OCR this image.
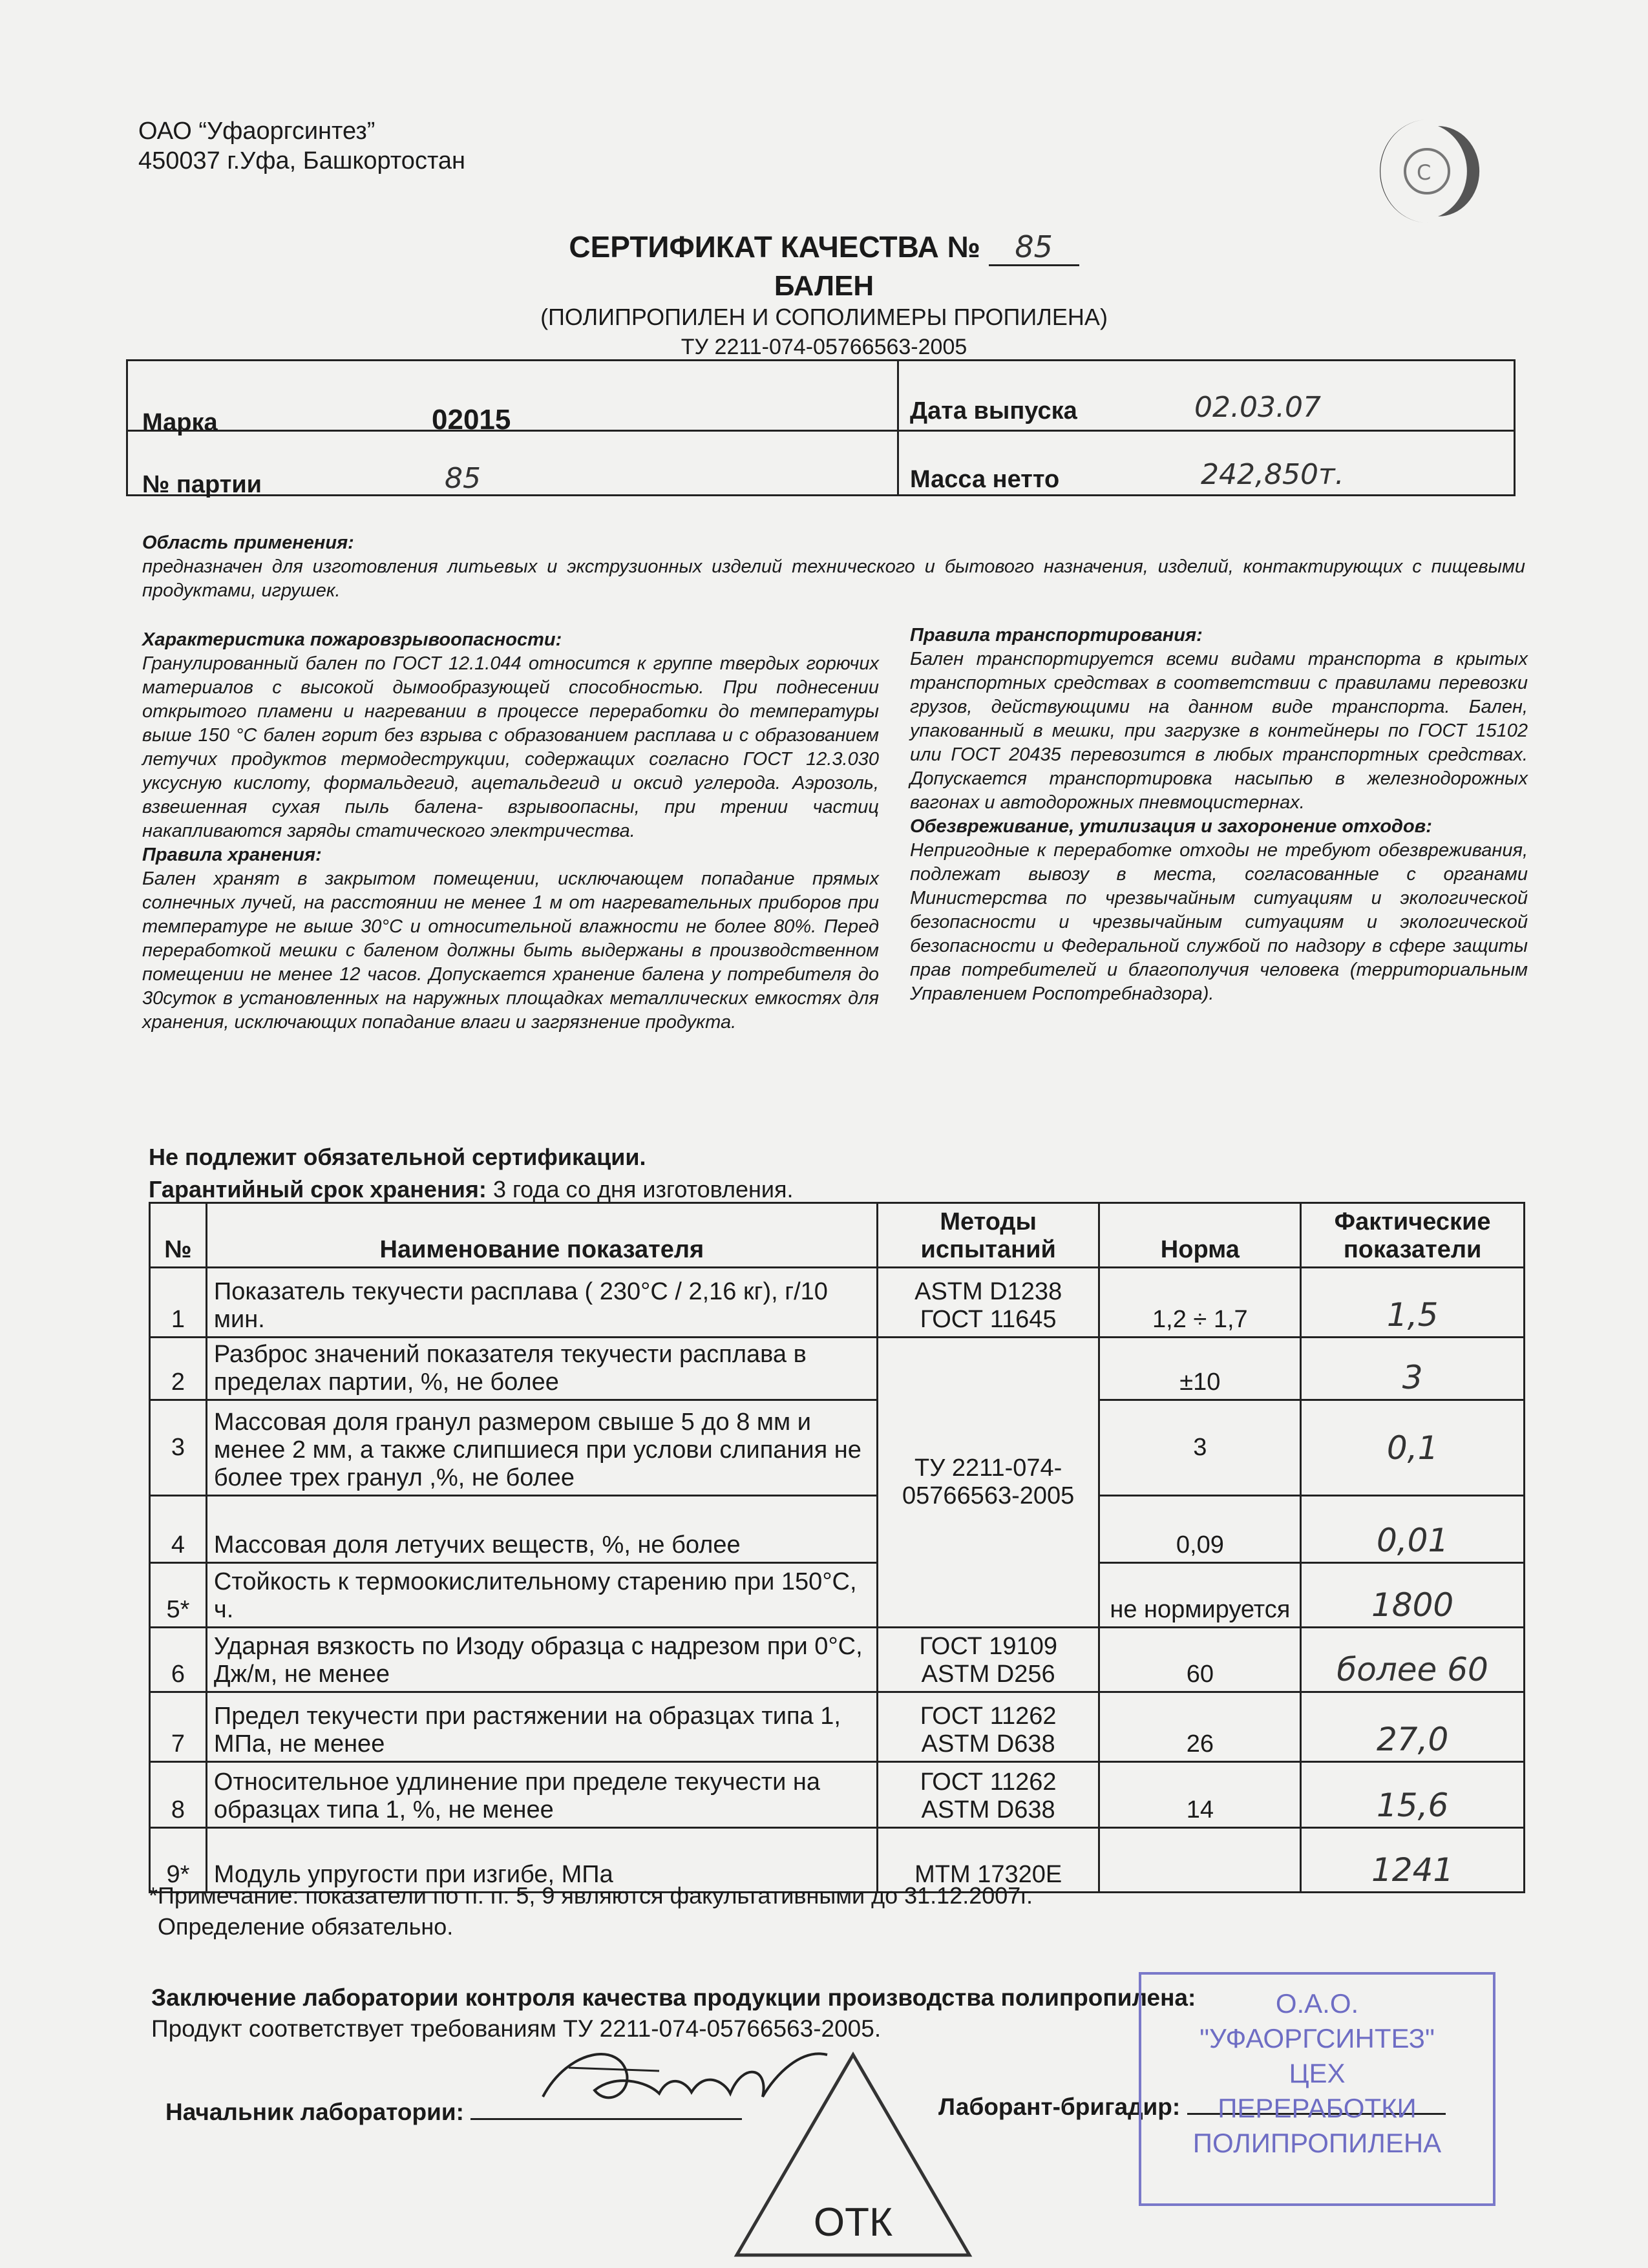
ОАО “Уфаоргсинтез”
450037 г.Уфа, Башкортостан	С
СЕРТИФИКАТ КАЧЕСТВА № 85
БАЛЕН
(ПОЛИПРОПИЛЕН И СОПОЛИМЕРЫ ПРОПИЛЕНА)
ТУ 2211-074-05766563-2005
Марка	02015	Дата выпуска	02.03.07
№ партии	85	Масса нетто	242,850т.

Область применения:

предназначен для изготовления литьевых и экструзионных изделий технического и бытового назначения, изделий, контактирующих с пищевыми продуктами, игрушек.

Характеристика пожаровзрывоопасности:

Гранулированный бален по ГОСТ 12.1.044 относится к группе твердых горючих материалов с высокой дымообразующей способностью. При поднесении открытого пламени и нагревании в процессе переработки до температуры выше 150 °С бален горит без взрыва с образованием расплава и с образованием летучих продуктов термодеструкции, содержащих согласно ГОСТ 12.3.030 уксусную кислоту, формальдегид, ацетальдегид и оксид углерода. Аэрозоль, взвешенная сухая пыль балена- взрывоопасны, при трении частиц накапливаются заряды статического электричества.

Правила хранения:

Бален хранят в закрытом помещении, исключающем попадание прямых солнечных лучей, на расстоянии не менее 1 м от нагревательных приборов при температуре не выше 30°С и относительной влажности не более 80%. Перед переработкой мешки с баленом должны быть выдержаны в производственном помещении не менее 12 часов. Допускается хранение балена у потребителя до 30суток в установленных на наружных площадках металлических емкостях для хранения, исключающих попадание влаги и загрязнение продукта.

Правила транспортирования:

Бален транспортируется всеми видами транспорта в крытых транспортных средствах в соответствии с правилами перевозки грузов, действующими на данном виде транспорта. Бален, упакованный в мешки, при загрузке в контейнеры по ГОСТ 15102 или ГОСТ 20435 перевозится в любых транспортных средствах. Допускается транспортировка насыпью в железнодорожных вагонах и автодорожных пневмоцистернах.

Обезвреживание, утилизация и захоронение отходов:

Непригодные к переработке отходы не требуют обезвреживания, подлежат вывозу в места, согласованные с органами Министерства по чрезвычайным ситуациям и экологической безопасности и чрезвычайным ситуациям и экологической безопасности и Федеральной службой по надзору в сфере защиты прав потребителей и благополучия человека (территориальным Управлением Роспотребнадзора).

Не подлежит обязательной сертификации.
Гарантийный срок хранения: 3 года со дня изготовления.
№	Наименование показателя	Методы испытаний	Норма	Фактические показатели
1	Показатель текучести расплава ( 230°С / 2,16 кг), г/10 мин.	ASTM D1238 ГОСТ 11645	1,2 ÷ 1,7	1,5
2	Разброс значений показателя текучести расплава в пределах партии, %, не более	ТУ 2211-074-05766563-2005	±10	3
3	Массовая доля гранул размером свыше 5 до 8 мм и менее 2 мм, а также слипшиеся при услови слипания не более трех гранул ,%, не более		3	0,1
4	Массовая доля летучих веществ, %, не более		0,09	0,01
5*	Стойкость к термоокислительному старению при 150°С, ч.		не нормируется	1800
6	Ударная вязкость по Изоду образца с надрезом при 0°С, Дж/м, не менее	ГОСТ 19109 ASTM D256	60	более 60
7	Предел текучести при растяжении на образцах типа 1, МПа, не менее	ГОСТ 11262 ASTM D638	26	27,0
8	Относительное удлинение при пределе текучести на образцах типа 1, %, не менее	ГОСТ 11262 ASTM D638	14	15,6
9*	Модуль упругости при изгибе, МПа	МТМ 17320Е		1241
*Примечание: показатели по п. п. 5, 9 являются факультативными до 31.12.2007г.
Определение обязательно.
Заключение лаборатории контроля качества продукции производства полипропилена:
Продукт соответствует требованиям ТУ 2211-074-05766563-2005.
Начальник лаборатории:
ОТК
Лаборант-бригадир:
О.А.О.
"УФАОРГСИНТЕЗ"
ЦЕХ
ПЕРЕРАБОТКИ
ПОЛИПРОПИЛЕНА
